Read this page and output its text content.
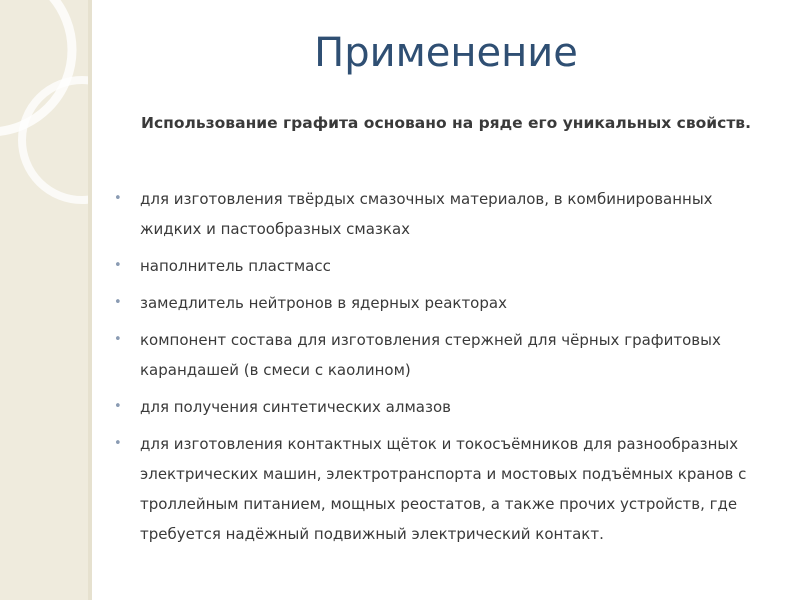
Применение

Использование графита основано на ряде его уникальных свойств.

• для изготовления твёрдых смазочных материалов, в комбинированных жидких и пастообразных смазках
• наполнитель пластмасс
• замедлитель нейтронов в ядерных реакторах
• компонент состава для изготовления стержней для чёрных графитовых карандашей (в смеси с каолином)
• для получения синтетических алмазов
• для изготовления контактных щёток и токосъёмников для разнообразных электрических машин, электротранспорта и мостовых подъёмных кранов с троллейным питанием, мощных реостатов, а также прочих устройств, где требуется надёжный подвижный электрический контакт.
